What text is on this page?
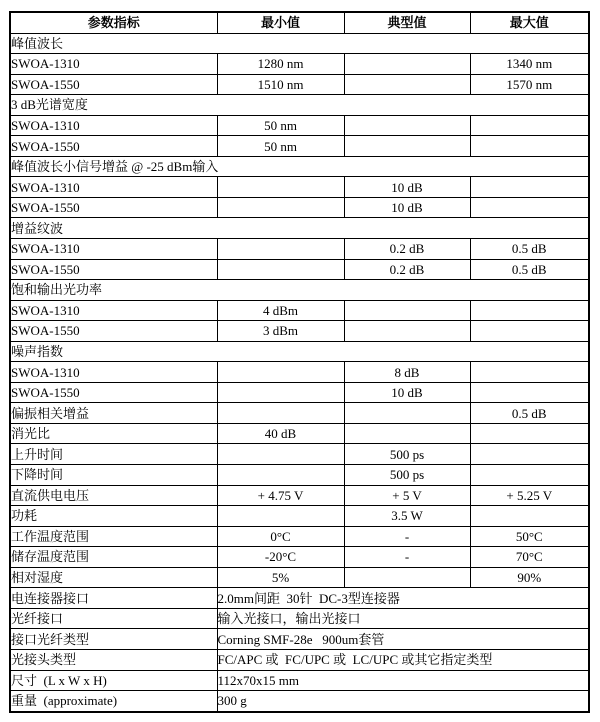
参数指标	最小值	典型值	最大值
峰值波长			
SWOA-1310	1280 nm		1340 nm
SWOA-1550	1510 nm		1570 nm
3 dB光谱宽度			
SWOA-1310	50 nm		
SWOA-1550	50 nm		
峰值波长小信号增益 @ -25 dBm输入			
SWOA-1310		10 dB	
SWOA-1550		10 dB	
增益纹波			
SWOA-1310		0.2 dB	0.5 dB
SWOA-1550		0.2 dB	0.5 dB
饱和输出光功率			
SWOA-1310	4 dBm		
SWOA-1550	3 dBm		
噪声指数			
SWOA-1310		8 dB	
SWOA-1550		10 dB	
偏振相关增益			0.5 dB
消光比	40 dB		
上升时间		500 ps	
下降时间		500 ps	
直流供电电压	+ 4.75 V	+ 5 V	+ 5.25 V
功耗		3.5 W	
工作温度范围	0°C	-	50°C
储存温度范围	-20°C	-	70°C
相对湿度	5%		90%
电连接器接口	2.0mm间距  30针  DC-3型连接器		
光纤接口	输入光接口，输出光接口		
接口光纤类型	Corning SMF-28e   900um套管		
光接头类型	FC/APC 或  FC/UPC 或  LC/UPC 或其它指定类型		
尺寸  (L x W x H)	112x70x15 mm		
重量  (approximate)	300 g		
